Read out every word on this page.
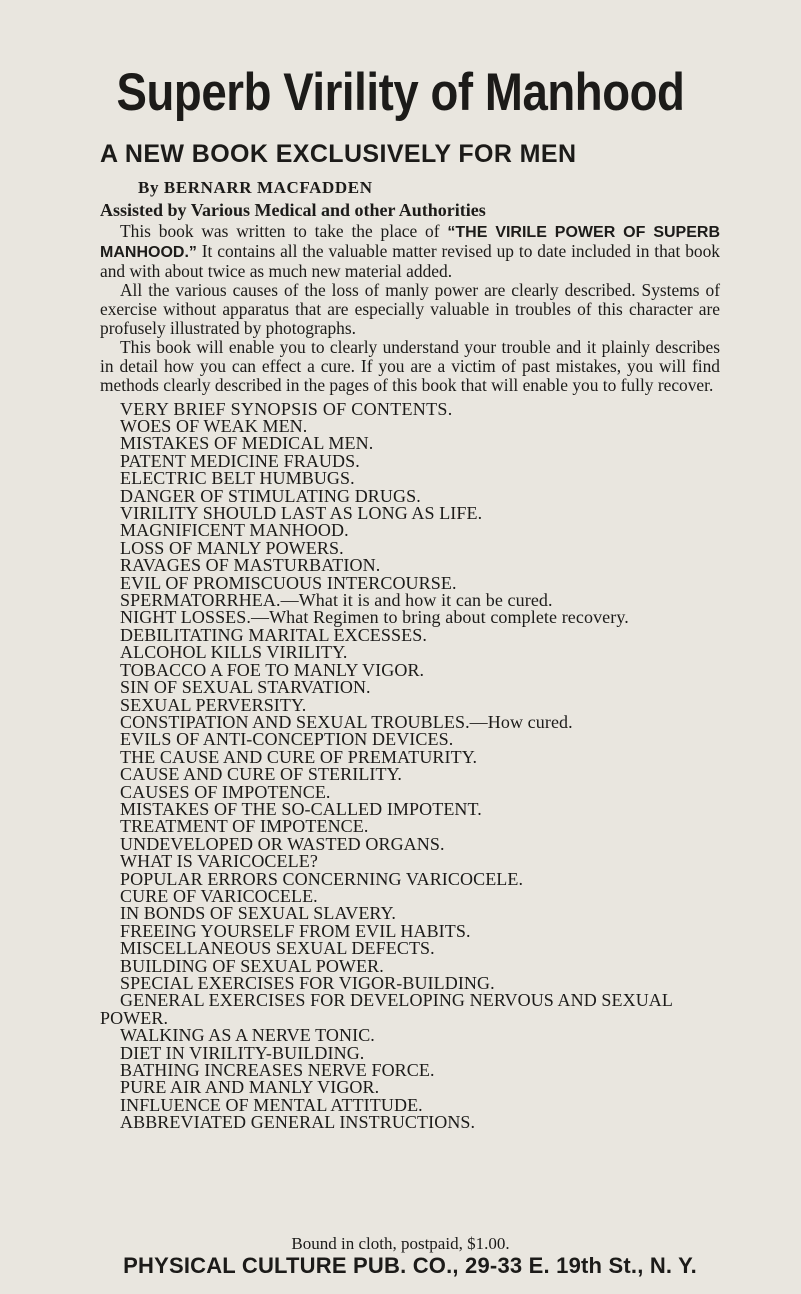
Superb Virility of Manhood
A NEW BOOK EXCLUSIVELY FOR MEN
By BERNARR MACFADDEN
Assisted by Various Medical and other Authorities

This book was written to take the place of “THE VIRILE POWER OF SUPERB MANHOOD.” It contains all the valuable matter revised up to date included in that book and with about twice as much new material added.

All the various causes of the loss of manly power are clearly described. Systems of exercise without apparatus that are especially valuable in troubles of this character are profusely illustrated by photographs.

This book will enable you to clearly understand your trouble and it plainly describes in detail how you can effect a cure. If you are a victim of past mistakes, you will find methods clearly described in the pages of this book that will enable you to fully recover.

VERY BRIEF SYNOPSIS OF CONTENTS.
WOES OF WEAK MEN.
MISTAKES OF MEDICAL MEN.
PATENT MEDICINE FRAUDS.
ELECTRIC BELT HUMBUGS.
DANGER OF STIMULATING DRUGS.
VIRILITY SHOULD LAST AS LONG AS LIFE.
MAGNIFICENT MANHOOD.
LOSS OF MANLY POWERS.
RAVAGES OF MASTURBATION.
EVIL OF PROMISCUOUS INTERCOURSE.
SPERMATORRHEA.—What it is and how it can be cured.
NIGHT LOSSES.—What Regimen to bring about complete recovery.
DEBILITATING MARITAL EXCESSES.
ALCOHOL KILLS VIRILITY.
TOBACCO A FOE TO MANLY VIGOR.
SIN OF SEXUAL STARVATION.
SEXUAL PERVERSITY.
CONSTIPATION AND SEXUAL TROUBLES.—How cured.
EVILS OF ANTI-CONCEPTION DEVICES.
THE CAUSE AND CURE OF PREMATURITY.
CAUSE AND CURE OF STERILITY.
CAUSES OF IMPOTENCE.
MISTAKES OF THE SO-CALLED IMPOTENT.
TREATMENT OF IMPOTENCE.
UNDEVELOPED OR WASTED ORGANS.
WHAT IS VARICOCELE?
POPULAR ERRORS CONCERNING VARICOCELE.
CURE OF VARICOCELE.
IN BONDS OF SEXUAL SLAVERY.
FREEING YOURSELF FROM EVIL HABITS.
MISCELLANEOUS SEXUAL DEFECTS.
BUILDING OF SEXUAL POWER.
SPECIAL EXERCISES FOR VIGOR-BUILDING.
GENERAL EXERCISES FOR DEVELOPING NERVOUS AND SEXUAL POWER.
WALKING AS A NERVE TONIC.
DIET IN VIRILITY-BUILDING.
BATHING INCREASES NERVE FORCE.
PURE AIR AND MANLY VIGOR.
INFLUENCE OF MENTAL ATTITUDE.
ABBREVIATED GENERAL INSTRUCTIONS.
Bound in cloth, postpaid, $1.00.
PHYSICAL CULTURE PUB. CO., 29-33 E. 19th St., N. Y.
